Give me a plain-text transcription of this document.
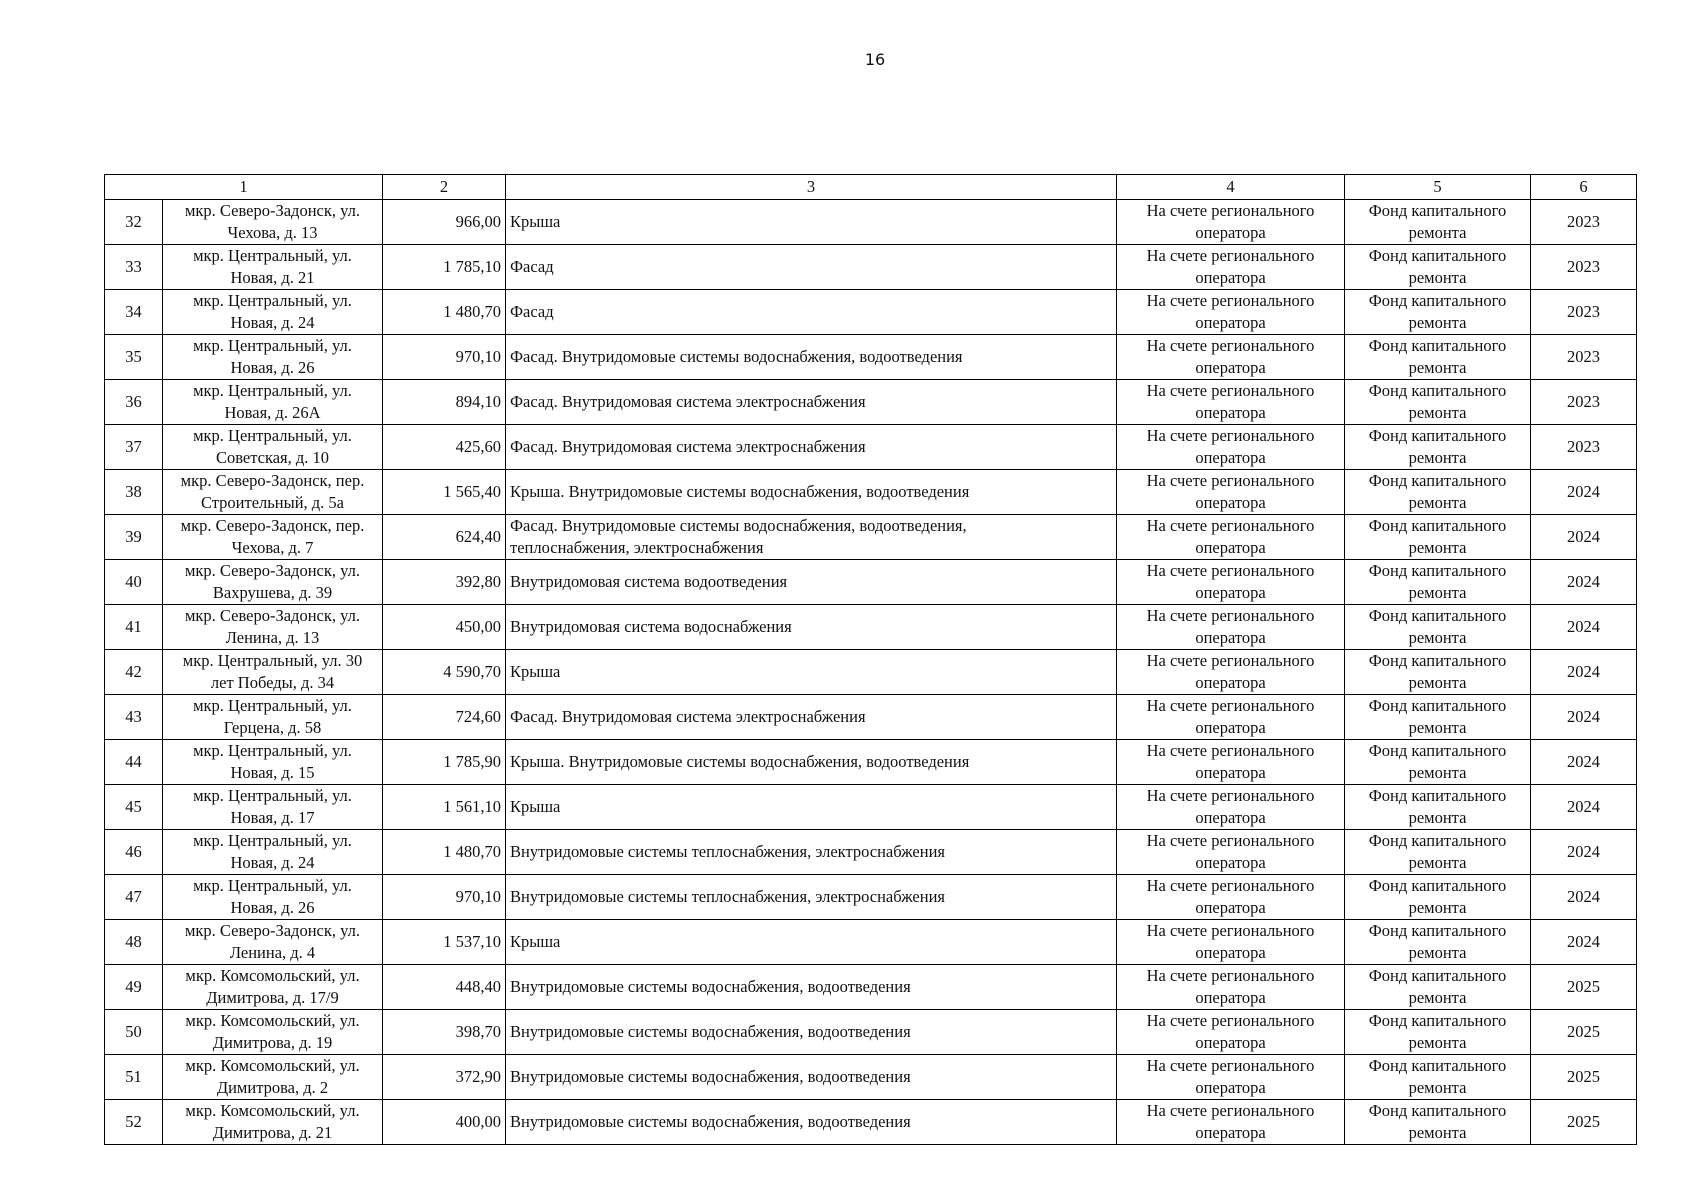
16
1		2	3	4	5	6
32	мкр. Северо-Задонск, ул.
Чехова, д. 13	966,00	Крыша	На счете регионального
оператора	Фонд капитального
ремонта	2023
33	мкр. Центральный, ул.
Новая, д. 21	1 785,10	Фасад	На счете регионального
оператора	Фонд капитального
ремонта	2023
34	мкр. Центральный, ул.
Новая, д. 24	1 480,70	Фасад	На счете регионального
оператора	Фонд капитального
ремонта	2023
35	мкр. Центральный, ул.
Новая, д. 26	970,10	Фасад. Внутридомовые системы водоснабжения, водоотведения	На счете регионального
оператора	Фонд капитального
ремонта	2023
36	мкр. Центральный, ул.
Новая, д. 26А	894,10	Фасад. Внутридомовая система электроснабжения	На счете регионального
оператора	Фонд капитального
ремонта	2023
37	мкр. Центральный, ул.
Советская, д. 10	425,60	Фасад. Внутридомовая система электроснабжения	На счете регионального
оператора	Фонд капитального
ремонта	2023
38	мкр. Северо-Задонск, пер.
Строительный, д. 5а	1 565,40	Крыша. Внутридомовые системы водоснабжения, водоотведения	На счете регионального
оператора	Фонд капитального
ремонта	2024
39	мкр. Северо-Задонск, пер.
Чехова, д. 7	624,40	Фасад. Внутридомовые системы водоснабжения, водоотведения,
теплоснабжения, электроснабжения	На счете регионального
оператора	Фонд капитального
ремонта	2024
40	мкр. Северо-Задонск, ул.
Вахрушева, д. 39	392,80	Внутридомовая система водоотведения	На счете регионального
оператора	Фонд капитального
ремонта	2024
41	мкр. Северо-Задонск, ул.
Ленина, д. 13	450,00	Внутридомовая система водоснабжения	На счете регионального
оператора	Фонд капитального
ремонта	2024
42	мкр. Центральный, ул. 30
лет Победы, д. 34	4 590,70	Крыша	На счете регионального
оператора	Фонд капитального
ремонта	2024
43	мкр. Центральный, ул.
Герцена, д. 58	724,60	Фасад. Внутридомовая система электроснабжения	На счете регионального
оператора	Фонд капитального
ремонта	2024
44	мкр. Центральный, ул.
Новая, д. 15	1 785,90	Крыша. Внутридомовые системы водоснабжения, водоотведения	На счете регионального
оператора	Фонд капитального
ремонта	2024
45	мкр. Центральный, ул.
Новая, д. 17	1 561,10	Крыша	На счете регионального
оператора	Фонд капитального
ремонта	2024
46	мкр. Центральный, ул.
Новая, д. 24	1 480,70	Внутридомовые системы теплоснабжения, электроснабжения	На счете регионального
оператора	Фонд капитального
ремонта	2024
47	мкр. Центральный, ул.
Новая, д. 26	970,10	Внутридомовые системы теплоснабжения, электроснабжения	На счете регионального
оператора	Фонд капитального
ремонта	2024
48	мкр. Северо-Задонск, ул.
Ленина, д. 4	1 537,10	Крыша	На счете регионального
оператора	Фонд капитального
ремонта	2024
49	мкр. Комсомольский, ул.
Димитрова, д. 17/9	448,40	Внутридомовые системы водоснабжения, водоотведения	На счете регионального
оператора	Фонд капитального
ремонта	2025
50	мкр. Комсомольский, ул.
Димитрова, д. 19	398,70	Внутридомовые системы водоснабжения, водоотведения	На счете регионального
оператора	Фонд капитального
ремонта	2025
51	мкр. Комсомольский, ул.
Димитрова, д. 2	372,90	Внутридомовые системы водоснабжения, водоотведения	На счете регионального
оператора	Фонд капитального
ремонта	2025
52	мкр. Комсомольский, ул.
Димитрова, д. 21	400,00	Внутридомовые системы водоснабжения, водоотведения	На счете регионального
оператора	Фонд капитального
ремонта	2025
